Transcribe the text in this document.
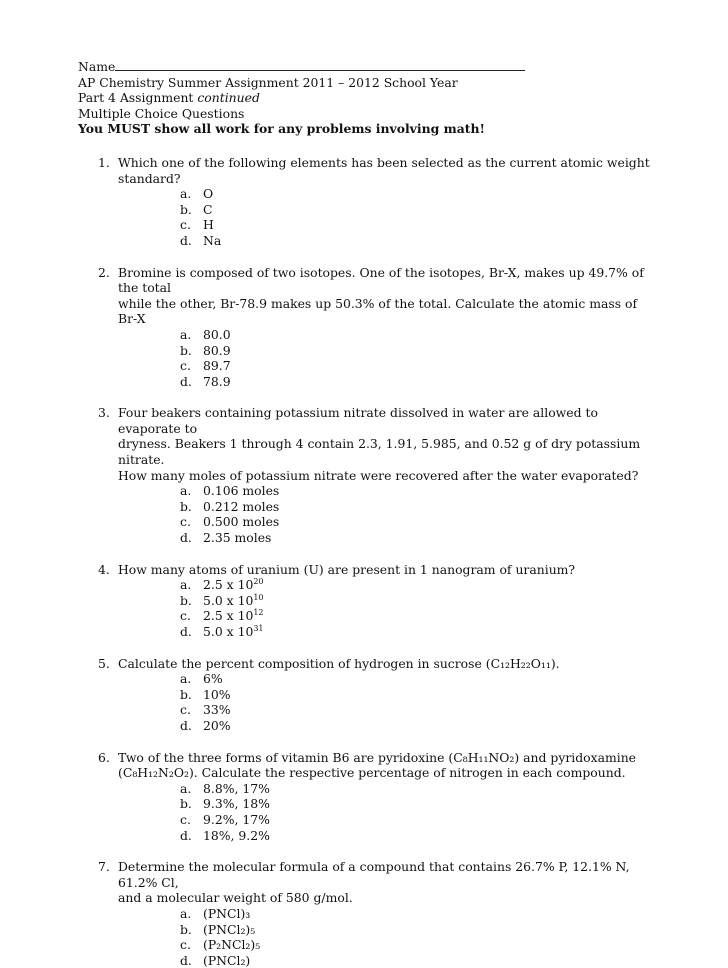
Name
AP Chemistry Summer Assignment 2011 – 2012 School Year
Part 4 Assignment continued
Multiple Choice Questions
You MUST show all work for any problems involving math!
1. Which one of the following elements has been selected as the current atomic weight standard?
a. O
b. C
c. H
d. Na
2. Bromine is composed of two isotopes. One of the isotopes, Br-X, makes up 49.7% of the total
while the other, Br-78.9 makes up 50.3% of the total. Calculate the atomic mass of Br-X
a. 80.0
b. 80.9
c. 89.7
d. 78.9
3. Four beakers containing potassium nitrate dissolved in water are allowed to evaporate to
dryness. Beakers 1 through 4 contain 2.3, 1.91, 5.985, and 0.52 g of dry potassium nitrate.
How many moles of potassium nitrate were recovered after the water evaporated?
a. 0.106 moles
b. 0.212 moles
c. 0.500 moles
d. 2.35 moles
4. How many atoms of uranium (U) are present in 1 nanogram of uranium?
a. 2.5 x $10^{20}$
b. 5.0 x $10^{10}$
c. 2.5 x $10^{12}$
d. 5.0 x $10^{31}$
5. Calculate the percent composition of hydrogen in sucrose (C₁₂H₂₂O₁₁).
a. 6%
b. 10%
c. 33%
d. 20%
6. Two of the three forms of vitamin B6 are pyridoxine (C₈H₁₁NO₂) and pyridoxamine
(C₈H₁₂N₂O₂). Calculate the respective percentage of nitrogen in each compound.
a. 8.8%, 17%
b. 9.3%, 18%
c. 9.2%, 17%
d. 18%, 9.2%
7. Determine the molecular formula of a compound that contains 26.7% P, 12.1% N, 61.2% Cl,
and a molecular weight of 580 g/mol.
a. (PNCl)₃
b. (PNCl₂)₅
c. (P₂NCl₂)₅
d. (PNCl₂)
